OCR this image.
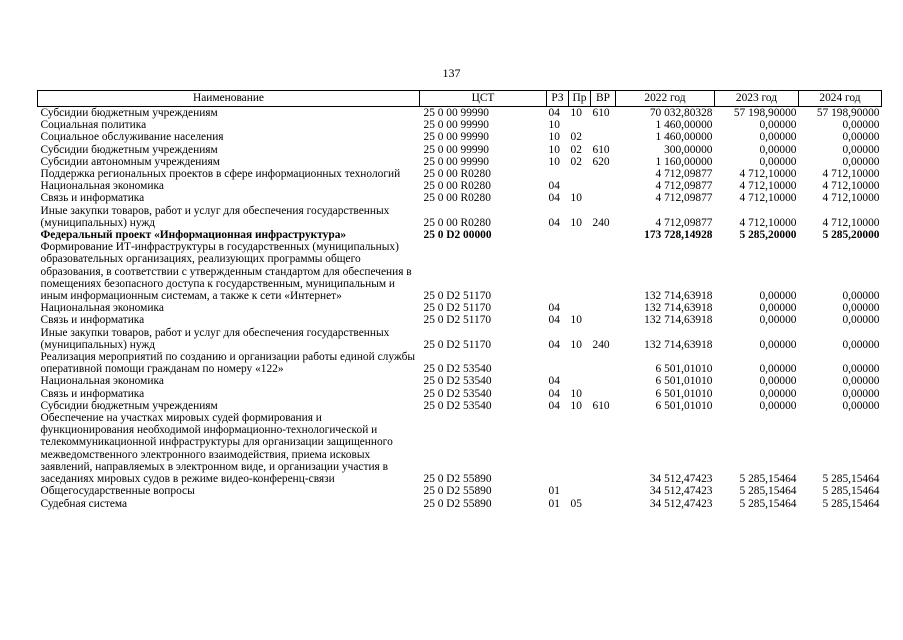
137
Наименование	ЦСТ	РЗ	Пр	ВР	2022 год	2023 год	2024 год
Субсидии бюджетным учреждениям	25 0 00 99990	04	10	610	70 032,80328	57 198,90000	57 198,90000
Социальная политика	25 0 00 99990	10			1 460,00000	0,00000	0,00000
Социальное обслуживание населения	25 0 00 99990	10	02		1 460,00000	0,00000	0,00000
Субсидии бюджетным учреждениям	25 0 00 99990	10	02	610	300,00000	0,00000	0,00000
Субсидии автономным учреждениям	25 0 00 99990	10	02	620	1 160,00000	0,00000	0,00000
Поддержка региональных проектов в сфере информационных технологий	25 0 00 R0280				4 712,09877	4 712,10000	4 712,10000
Национальная экономика	25 0 00 R0280	04			4 712,09877	4 712,10000	4 712,10000
Связь и информатика	25 0 00 R0280	04	10		4 712,09877	4 712,10000	4 712,10000
Иные закупки товаров, работ и услуг для обеспечения государственных (муниципальных) нужд	25 0 00 R0280	04	10	240	4 712,09877	4 712,10000	4 712,10000
Федеральный проект «Информационная инфраструктура»	25 0 D2 00000				173 728,14928	5 285,20000	5 285,20000
Формирование ИТ-инфраструктуры в государственных (муниципальных) образовательных организациях, реализующих программы общего образования, в соответствии с утвержденным стандартом для обеспечения в помещениях безопасного доступа к государственным, муниципальным и иным информационным системам, а также к сети «Интернет»	25 0 D2 51170				132 714,63918	0,00000	0,00000
Национальная экономика	25 0 D2 51170	04			132 714,63918	0,00000	0,00000
Связь и информатика	25 0 D2 51170	04	10		132 714,63918	0,00000	0,00000
Иные закупки товаров, работ и услуг для обеспечения государственных (муниципальных) нужд	25 0 D2 51170	04	10	240	132 714,63918	0,00000	0,00000
Реализация мероприятий по созданию и организации работы единой службы оперативной помощи гражданам по номеру «122»	25 0 D2 53540				6 501,01010	0,00000	0,00000
Национальная экономика	25 0 D2 53540	04			6 501,01010	0,00000	0,00000
Связь и информатика	25 0 D2 53540	04	10		6 501,01010	0,00000	0,00000
Субсидии бюджетным учреждениям	25 0 D2 53540	04	10	610	6 501,01010	0,00000	0,00000
Обеспечение на участках мировых судей формирования и функционирования необходимой информационно-технологической и телекоммуникационной инфраструктуры для организации защищенного межведомственного электронного взаимодействия, приема исковых заявлений, направляемых в электронном виде, и организации участия в заседаниях мировых судов в режиме видео-конференц-связи	25 0 D2 55890				34 512,47423	5 285,15464	5 285,15464
Общегосударственные вопросы	25 0 D2 55890	01			34 512,47423	5 285,15464	5 285,15464
Судебная система	25 0 D2 55890	01	05		34 512,47423	5 285,15464	5 285,15464
